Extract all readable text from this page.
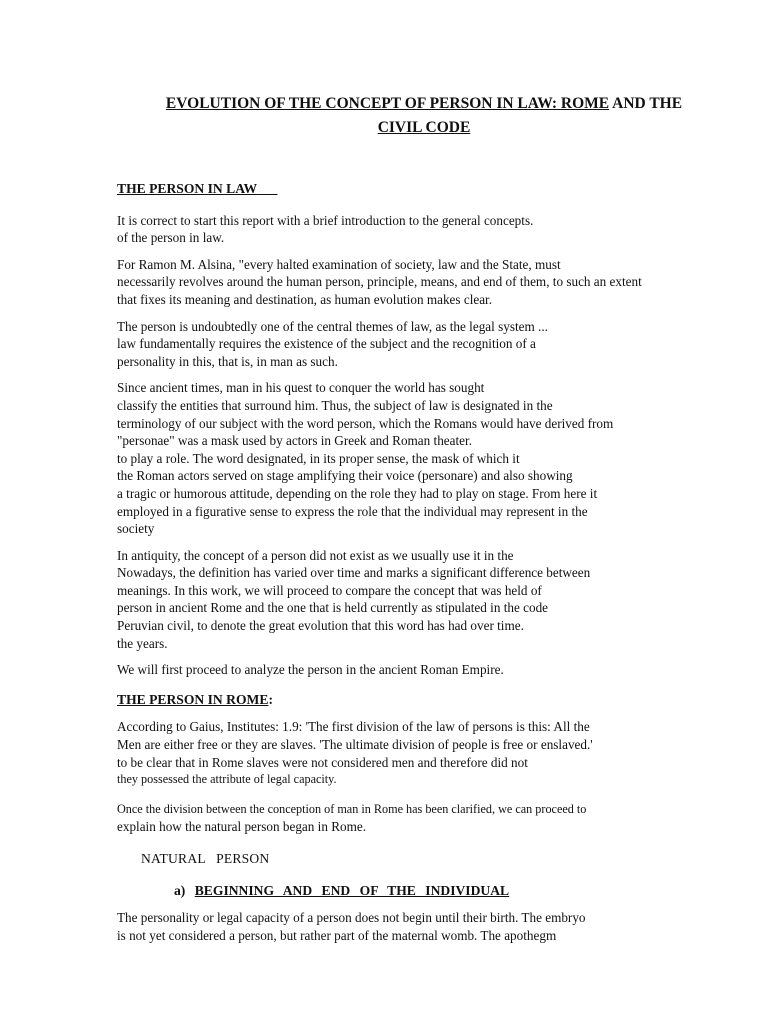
EVOLUTION OF THE CONCEPT OF PERSON IN LAW: ROME AND THE
CIVIL CODE
THE PERSON IN LAW

It is correct to start this report with a brief introduction to the general concepts.
of the person in law.

For Ramon M. Alsina, "every halted examination of society, law and the State, must
necessarily revolves around the human person, principle, means, and end of them, to such an extent
that fixes its meaning and destination, as human evolution makes clear.

The person is undoubtedly one of the central themes of law, as the legal system ...
law fundamentally requires the existence of the subject and the recognition of a
personality in this, that is, in man as such.

Since ancient times, man in his quest to conquer the world has sought
classify the entities that surround him. Thus, the subject of law is designated in the
terminology of our subject with the word person, which the Romans would have derived from
"personae" was a mask used by actors in Greek and Roman theater.
to play a role. The word designated, in its proper sense, the mask of which it
the Roman actors served on stage amplifying their voice (personare) and also showing
a tragic or humorous attitude, depending on the role they had to play on stage. From here it
employed in a figurative sense to express the role that the individual may represent in the
society

In antiquity, the concept of a person did not exist as we usually use it in the
Nowadays, the definition has varied over time and marks a significant difference between
meanings. In this work, we will proceed to compare the concept that was held of
person in ancient Rome and the one that is held currently as stipulated in the code
Peruvian civil, to denote the great evolution that this word has had over time.
the years.

We will first proceed to analyze the person in the ancient Roman Empire.

THE PERSON IN ROME:

According to Gaius, Institutes: 1.9: 'The first division of the law of persons is this: All the
Men are either free or they are slaves. 'The ultimate division of people is free or enslaved.'
to be clear that in Rome slaves were not considered men and therefore did not
they possessed the attribute of legal capacity.

Once the division between the conception of man in Rome has been clarified, we can proceed to
explain how the natural person began in Rome.

NATURAL   PERSON
a) BEGINNING AND END OF THE INDIVIDUAL

The personality or legal capacity of a person does not begin until their birth. The embryo
is not yet considered a person, but rather part of the maternal womb. The apothegm
